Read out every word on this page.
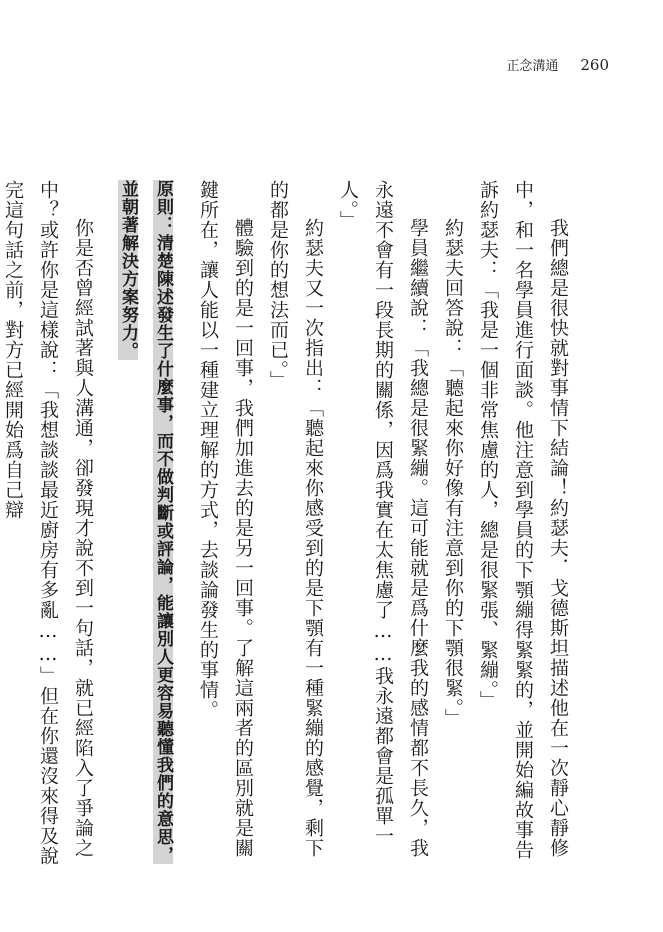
正念溝通 260

我們總是很快就對事情下結論！約瑟夫．戈德斯坦描述他在一次靜心靜修中，和一名學員進行面談。他注意到學員的下顎繃得緊緊的，並開始編故事告訴約瑟夫：「我是一個非常焦慮的人，總是很緊張、緊繃。」

約瑟夫回答說：「聽起來你好像有注意到你的下顎很緊。」

學員繼續說：「我總是很緊繃。這可能就是爲什麼我的感情都不長久，我永遠不會有一段長期的關係，因爲我實在太焦慮了……我永遠都會是孤單一人。」

約瑟夫又一次指出：「聽起來你感受到的是下顎有一種緊繃的感覺，剩下的都是你的想法而已。」

體驗到的是一回事，我們加進去的是另一回事。了解這兩者的區別就是關鍵所在，讓人能以一種建立理解的方式，去談論發生的事情。

原則：清楚陳述發生了什麼事，而不做判斷或評論，能讓別人更容易聽懂我們的意思，並朝著解決方案努力。

你是否曾經試著與人溝通，卻發現才說不到一句話，就已經陷入了爭論之中？或許你是這樣說：「我想談談最近廚房有多亂……」但在你還沒來得及說完這句話之前，對方已經開始爲自己辯
